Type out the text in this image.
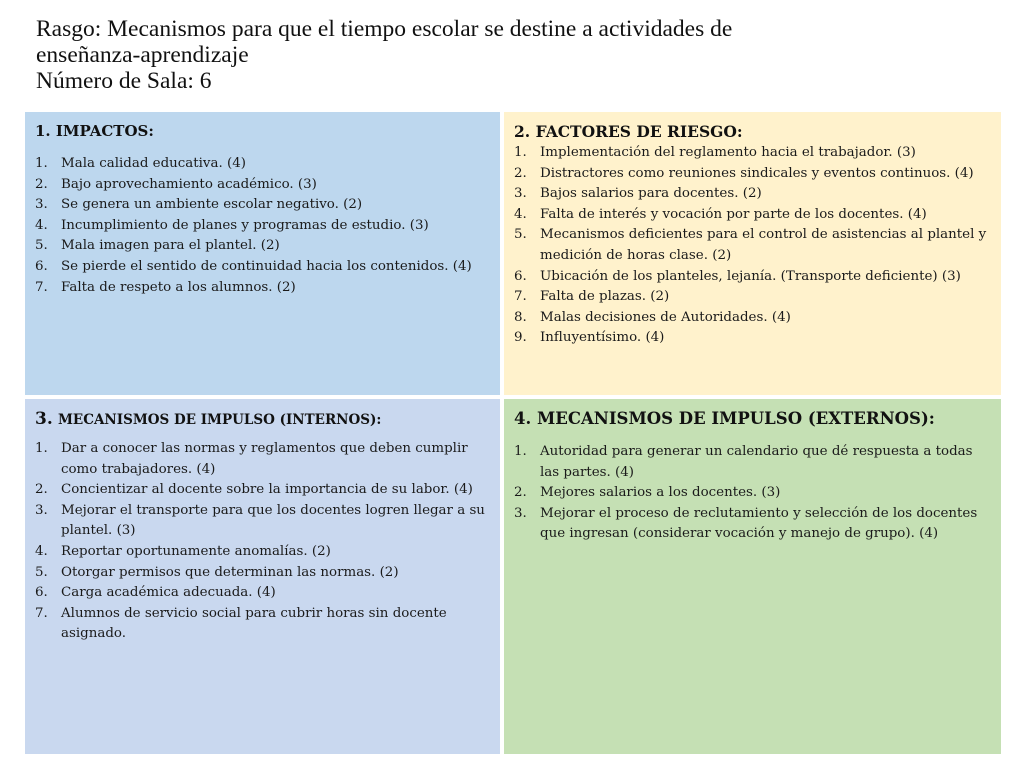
Rasgo: Mecanismos para que el tiempo escolar se destine a actividades de
enseñanza-aprendizaje
Número de Sala: 6
1. IMPACTOS:
1. Mala calidad educativa. (4)
2. Bajo aprovechamiento académico. (3)
3. Se genera un ambiente escolar negativo. (2)
4. Incumplimiento de planes y programas de estudio. (3)
5. Mala imagen para el plantel. (2)
6. Se pierde el sentido de continuidad hacia los contenidos. (4)
7. Falta de respeto a los alumnos. (2)
2. FACTORES DE RIESGO:
1. Implementación del reglamento hacia el trabajador. (3)
2. Distractores como reuniones sindicales y eventos continuos. (4)
3. Bajos salarios para docentes. (2)
4. Falta de interés y vocación por parte de los docentes. (4)
5. Mecanismos deficientes para el control de asistencias al plantel y medición de horas clase. (2)
6. Ubicación de los planteles, lejanía. (Transporte deficiente) (3)
7. Falta de plazas. (2)
8. Malas decisiones de Autoridades. (4)
9. Influyentísimo. (4)
3. MECANISMOS DE IMPULSO (INTERNOS):
1. Dar a conocer las normas y reglamentos que deben cumplir como trabajadores. (4)
2. Concientizar al docente sobre la importancia de su labor. (4)
3. Mejorar el transporte para que los docentes logren llegar a su plantel. (3)
4. Reportar oportunamente anomalías. (2)
5. Otorgar permisos que determinan las normas. (2)
6. Carga académica adecuada. (4)
7. Alumnos de servicio social para cubrir horas sin docente asignado.
4. MECANISMOS DE IMPULSO (EXTERNOS):
1. Autoridad para generar un calendario que dé respuesta a todas las partes. (4)
2. Mejores salarios a los docentes. (3)
3. Mejorar el proceso de reclutamiento y selección de los docentes que ingresan (considerar vocación y manejo de grupo). (4)
